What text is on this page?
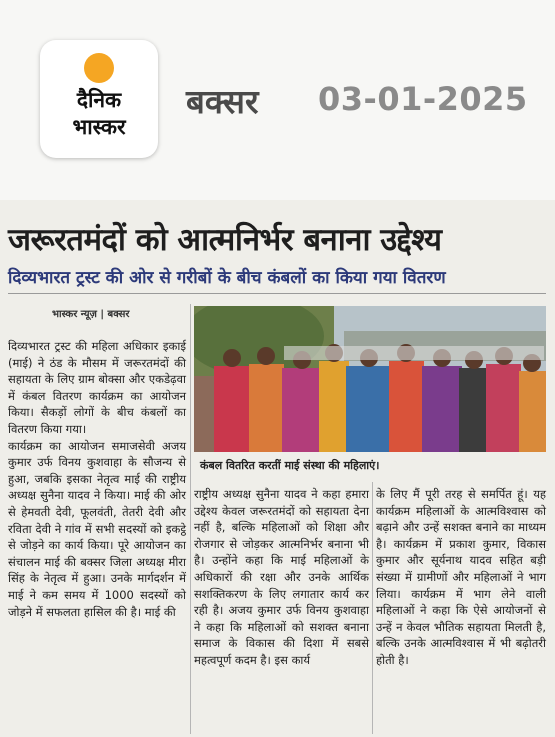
दैनिक
भास्कर
बक्सर 03-01-2025
जरूरतमंदों को आत्मनिर्भर बनाना उद्देश्य
दिव्यभारत ट्रस्ट की ओर से गरीबों के बीच कंबलों का किया गया वितरण
भास्कर न्यूज़ | बक्सर

दिव्यभारत ट्रस्ट की महिला अधिकार इकाई (माई) ने ठंड के मौसम में जरूरतमंदों की सहायता के लिए ग्राम बोक्सा और एकडेढ़वा में कंबल वितरण कार्यक्रम का आयोजन किया। सैकड़ों लोगों के बीच कंबलों का वितरण किया गया।

कार्यक्रम का आयोजन समाजसेवी अजय कुमार उर्फ विनय कुशवाहा के सौजन्य से हुआ, जबकि इसका नेतृत्व माई की राष्ट्रीय अध्यक्ष सुनैना यादव ने किया। माई की ओर से हेमवती देवी, फूलवंती, तेतरी देवी और रविता देवी ने गांव में सभी सदस्यों को इकट्ठे से जोड़ने का कार्य किया। पूरे आयोजन का संचालन माई की बक्सर जिला अध्यक्ष मीरा सिंह के नेतृत्व में हुआ। उनके मार्गदर्शन में माई ने कम समय में 1000 सदस्यों को जोड़ने में सफलता हासिल की है। माई की

कंबल वितरित करतीं माई संस्था की महिलाएं।

राष्ट्रीय अध्यक्ष सुनैना यादव ने कहा हमारा उद्देश्य केवल जरूरतमंदों को सहायता देना नहीं है, बल्कि महिलाओं को शिक्षा और रोजगार से जोड़कर आत्मनिर्भर बनाना भी है। उन्होंने कहा कि माई महिलाओं के अधिकारों की रक्षा और उनके आर्थिक सशक्तिकरण के लिए लगातार कार्य कर रही है। अजय कुमार उर्फ विनय कुशवाहा ने कहा कि महिलाओं को सशक्त बनाना समाज के विकास की दिशा में सबसे महत्वपूर्ण कदम है। इस कार्य

के लिए मैं पूरी तरह से समर्पित हूं। यह कार्यक्रम महिलाओं के आत्मविश्वास को बढ़ाने और उन्हें सशक्त बनाने का माध्यम है। कार्यक्रम में प्रकाश कुमार, विकास कुमार और सूर्यनाथ यादव सहित बड़ी संख्या में ग्रामीणों और महिलाओं ने भाग लिया। कार्यक्रम में भाग लेने वाली महिलाओं ने कहा कि ऐसे आयोजनों से उन्हें न केवल भौतिक सहायता मिलती है, बल्कि उनके आत्मविश्वास में भी बढ़ोतरी होती है।
